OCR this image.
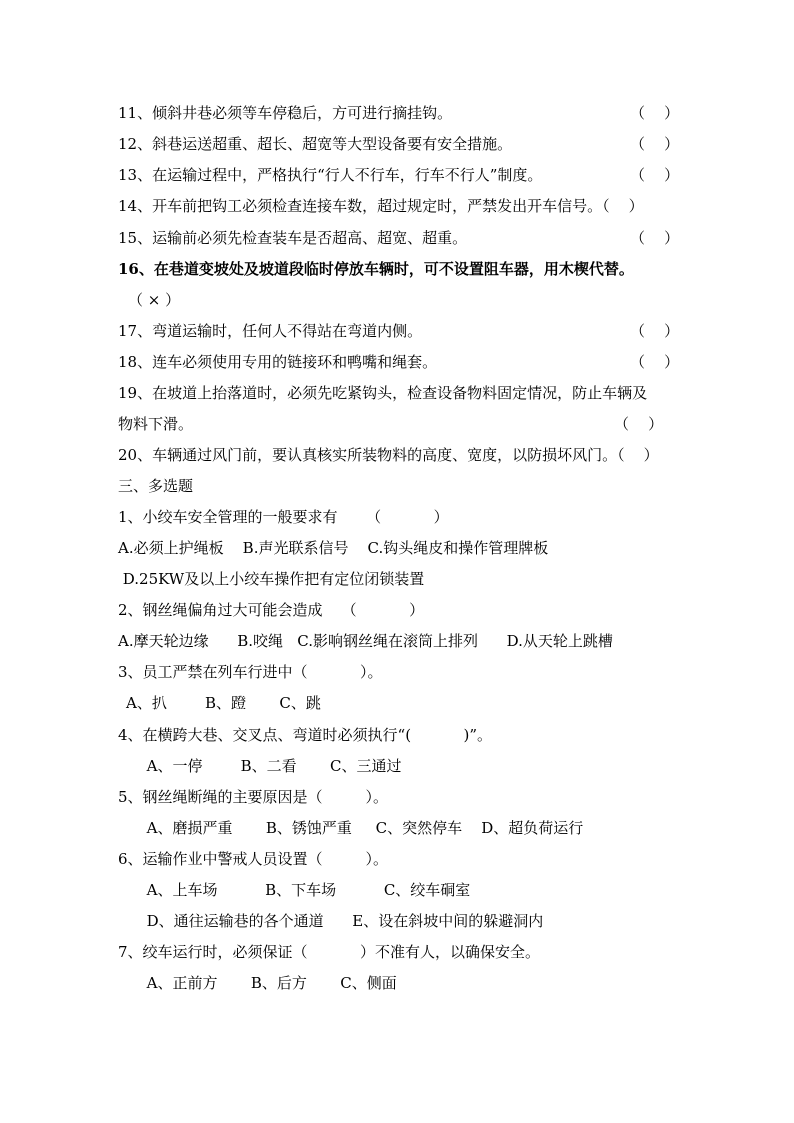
11、倾斜井巷必须等车停稳后，方可进行摘挂钩。	（    ）
12、斜巷运送超重、超长、超宽等大型设备要有安全措施。	（    ）
13、在运输过程中，严格执行“行人不行车，行车不行人”制度。	（    ）
14、开车前把钩工必须检查连接车数，超过规定时，严禁发出开车信号。（    ）
15、运输前必须先检查装车是否超高、超宽、超重。	（    ）
16、在巷道变坡处及坡道段临时停放车辆时，可不设置阻车器，用木楔代替。
（ × ）
17、弯道运输时，任何人不得站在弯道内侧。	（    ）
18、连车必须使用专用的链接环和鸭嘴和绳套。	（    ）
19、在坡道上抬落道时，必须先吃紧钩头，检查设备物料固定情况，防止车辆及
物料下滑。	（    ）
20、车辆通过风门前，要认真核实所装物料的高度、宽度，以防损坏风门。（    ）
三、多选题
1、小绞车安全管理的一般要求有      （           ）
A.必须上护绳板    B.声光联系信号    C.钩头绳皮和操作管理牌板
D.25KW及以上小绞车操作把有定位闭锁装置
2、钢丝绳偏角过大可能会造成    （           ）
A.摩天轮边缘      B.咬绳   C.影响钢丝绳在滚筒上排列      D.从天轮上跳槽
3、员工严禁在列车行进中（           ）。
A、扒        B、蹬       C、跳
4、在横跨大巷、交叉点、弯道时必须执行“(           )”。
A、一停        B、二看       C、三通过
5、钢丝绳断绳的主要原因是（         ）。
A、磨损严重       B、锈蚀严重     C、突然停车    D、超负荷运行
6、运输作业中警戒人员设置（         ）。
A、上车场          B、下车场          C、绞车硐室
D、通往运输巷的各个通道      E、设在斜坡中间的躲避洞内
7、绞车运行时，必须保证（           ）不准有人，以确保安全。
A、正前方       B、后方       C、侧面
